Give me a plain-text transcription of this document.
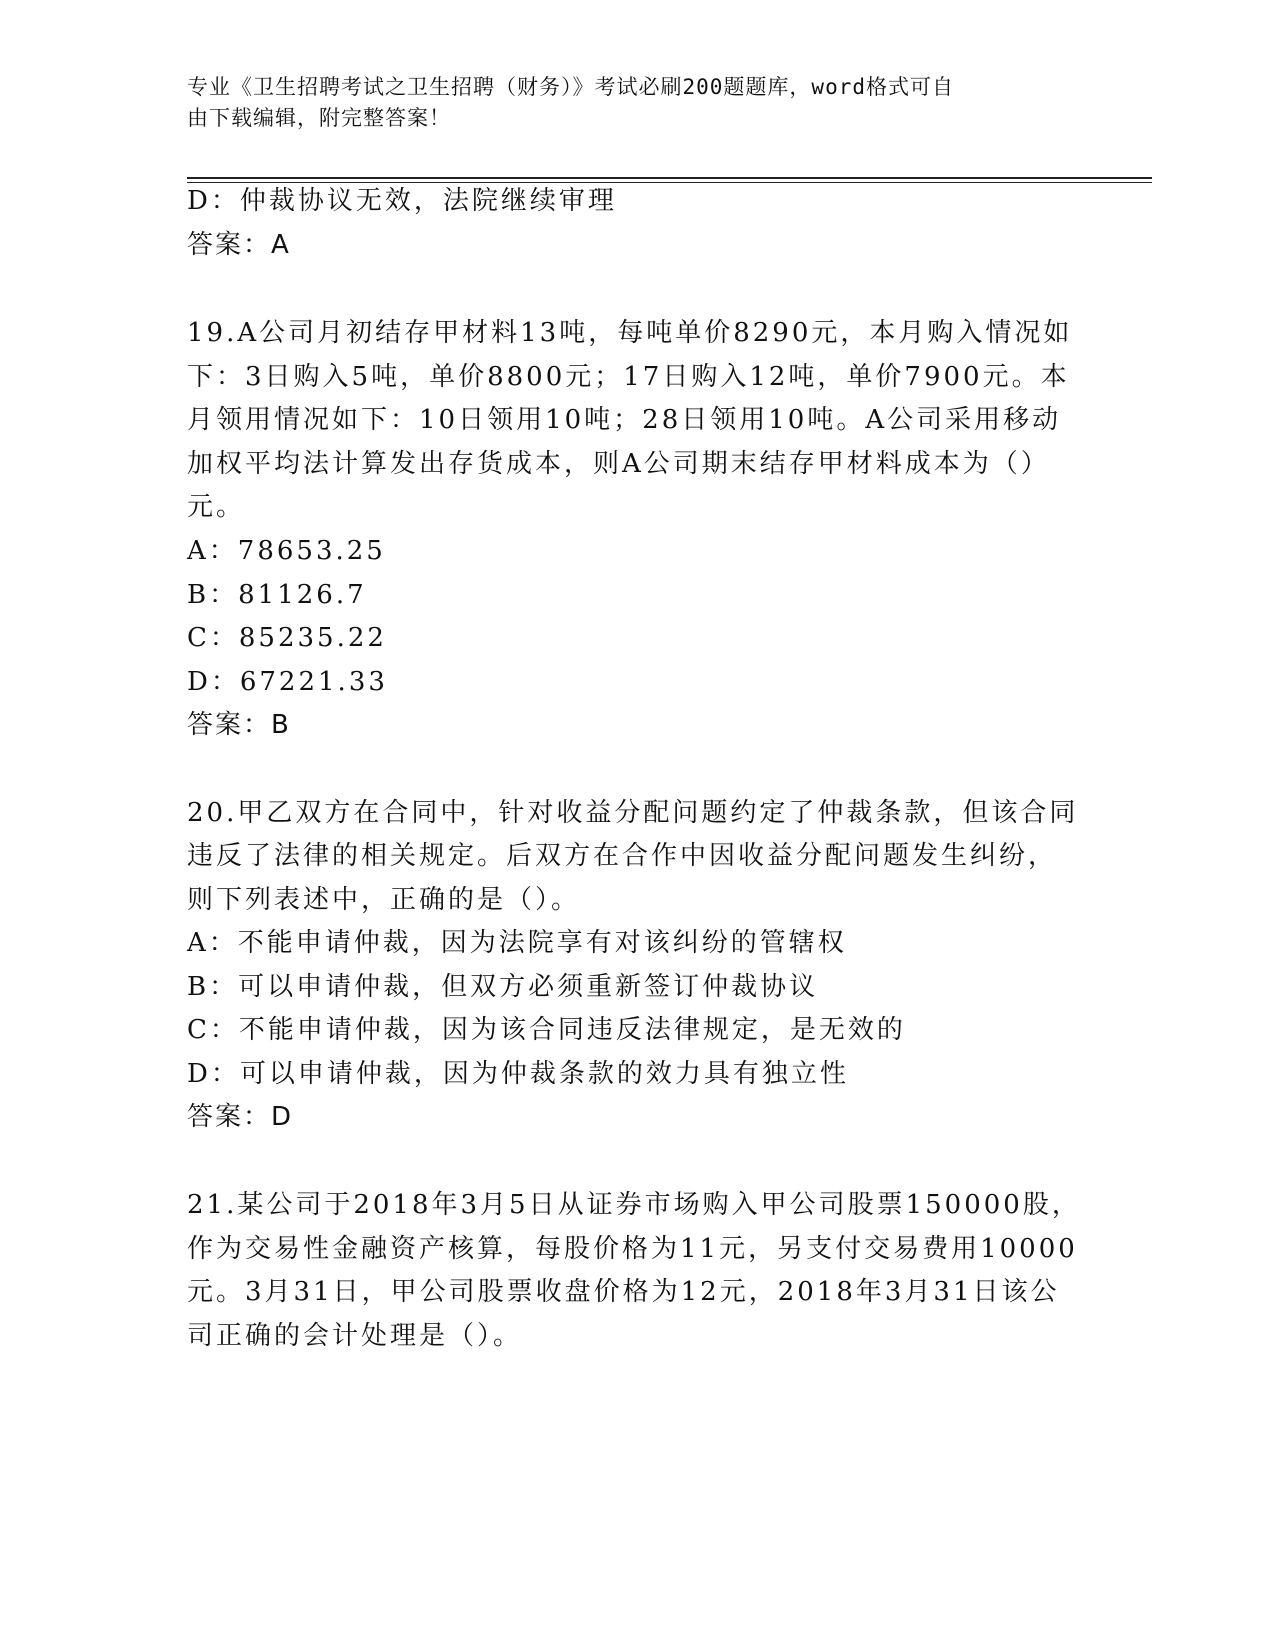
专业《卫生招聘考试之卫生招聘（财务）》考试必刷200题题库，word格式可自
由下载编辑，附完整答案！
D：仲裁协议无效，法院继续审理
答案：A
19.A公司月初结存甲材料13吨，每吨单价8290元，本月购入情况如
下：3日购入5吨，单价8800元；17日购入12吨，单价7900元。本
月领用情况如下：10日领用10吨；28日领用10吨。A公司采用移动
加权平均法计算发出存货成本，则A公司期末结存甲材料成本为（）
元。
A：78653.25
B：81126.7
C：85235.22
D：67221.33
答案：B
20.甲乙双方在合同中，针对收益分配问题约定了仲裁条款，但该合同
违反了法律的相关规定。后双方在合作中因收益分配问题发生纠纷，
则下列表述中，正确的是（）。
A：不能申请仲裁，因为法院享有对该纠纷的管辖权
B：可以申请仲裁，但双方必须重新签订仲裁协议
C：不能申请仲裁，因为该合同违反法律规定，是无效的
D：可以申请仲裁，因为仲裁条款的效力具有独立性
答案：D
21.某公司于2018年3月5日从证券市场购入甲公司股票150000股，
作为交易性金融资产核算，每股价格为11元，另支付交易费用10000
元。3月31日，甲公司股票收盘价格为12元，2018年3月31日该公
司正确的会计处理是（）。
